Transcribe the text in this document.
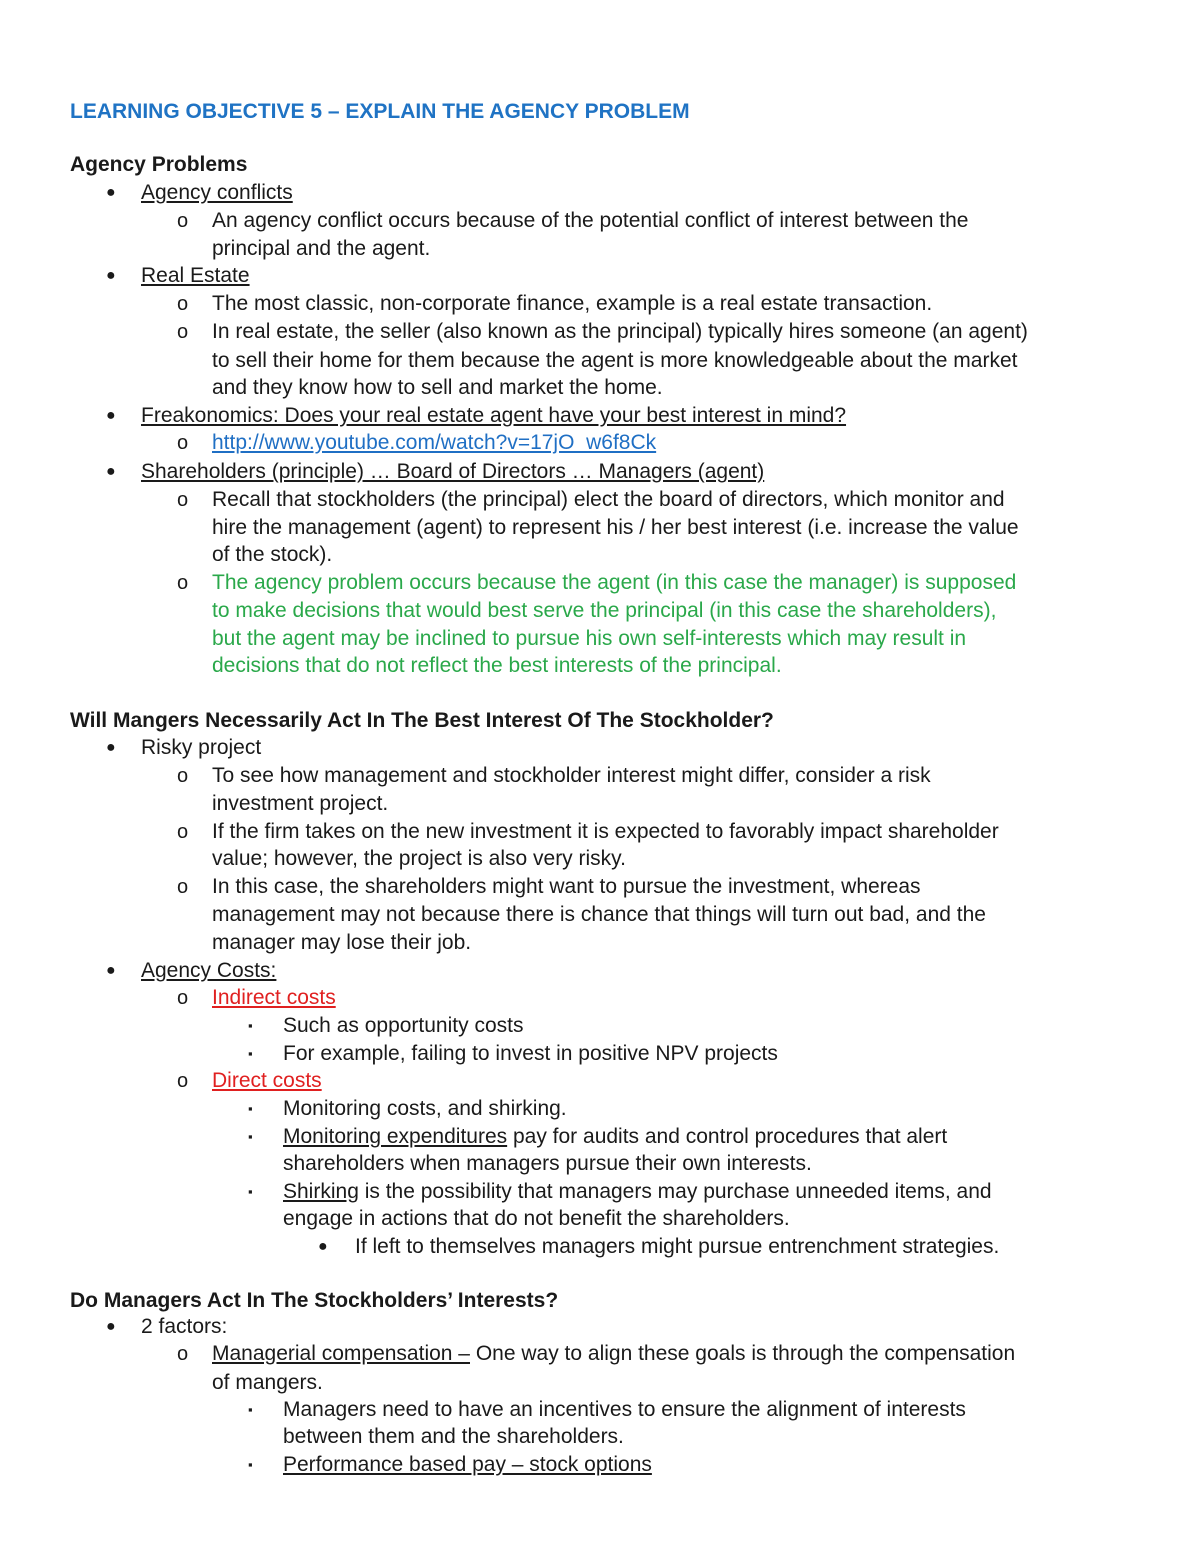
LEARNING OBJECTIVE 5 – EXPLAIN THE AGENCY PROBLEM
Agency Problems
● Agency conflicts
o An agency conflict occurs because of the potential conflict of interest between the
principal and the agent.
● Real Estate
o The most classic, non-corporate finance, example is a real estate transaction.
o In real estate, the seller (also known as the principal) typically hires someone (an agent)
to sell their home for them because the agent is more knowledgeable about the market
and they know how to sell and market the home.
● Freakonomics: Does your real estate agent have your best interest in mind?
o http://www.youtube.com/watch?v=17jO_w6f8Ck
● Shareholders (principle) … Board of Directors … Managers (agent)
o Recall that stockholders (the principal) elect the board of directors, which monitor and
hire the management (agent) to represent his / her best interest (i.e. increase the value
of the stock).
o The agency problem occurs because the agent (in this case the manager) is supposed
to make decisions that would best serve the principal (in this case the shareholders),
but the agent may be inclined to pursue his own self-interests which may result in
decisions that do not reflect the best interests of the principal.
Will Mangers Necessarily Act In The Best Interest Of The Stockholder?
● Risky project
o To see how management and stockholder interest might differ, consider a risk
investment project.
o If the firm takes on the new investment it is expected to favorably impact shareholder
value; however, the project is also very risky.
o In this case, the shareholders might want to pursue the investment, whereas
management may not because there is chance that things will turn out bad, and the
manager may lose their job.
● Agency Costs:
o Indirect costs
▪ Such as opportunity costs
▪ For example, failing to invest in positive NPV projects
o Direct costs
▪ Monitoring costs, and shirking.
▪ Monitoring expenditures pay for audits and control procedures that alert
shareholders when managers pursue their own interests.
▪ Shirking is the possibility that managers may purchase unneeded items, and
engage in actions that do not benefit the shareholders.
● If left to themselves managers might pursue entrenchment strategies.
Do Managers Act In The Stockholders’ Interests?
● 2 factors:
o Managerial compensation – One way to align these goals is through the compensation
of mangers.
▪ Managers need to have an incentives to ensure the alignment of interests
between them and the shareholders.
▪ Performance based pay – stock options
